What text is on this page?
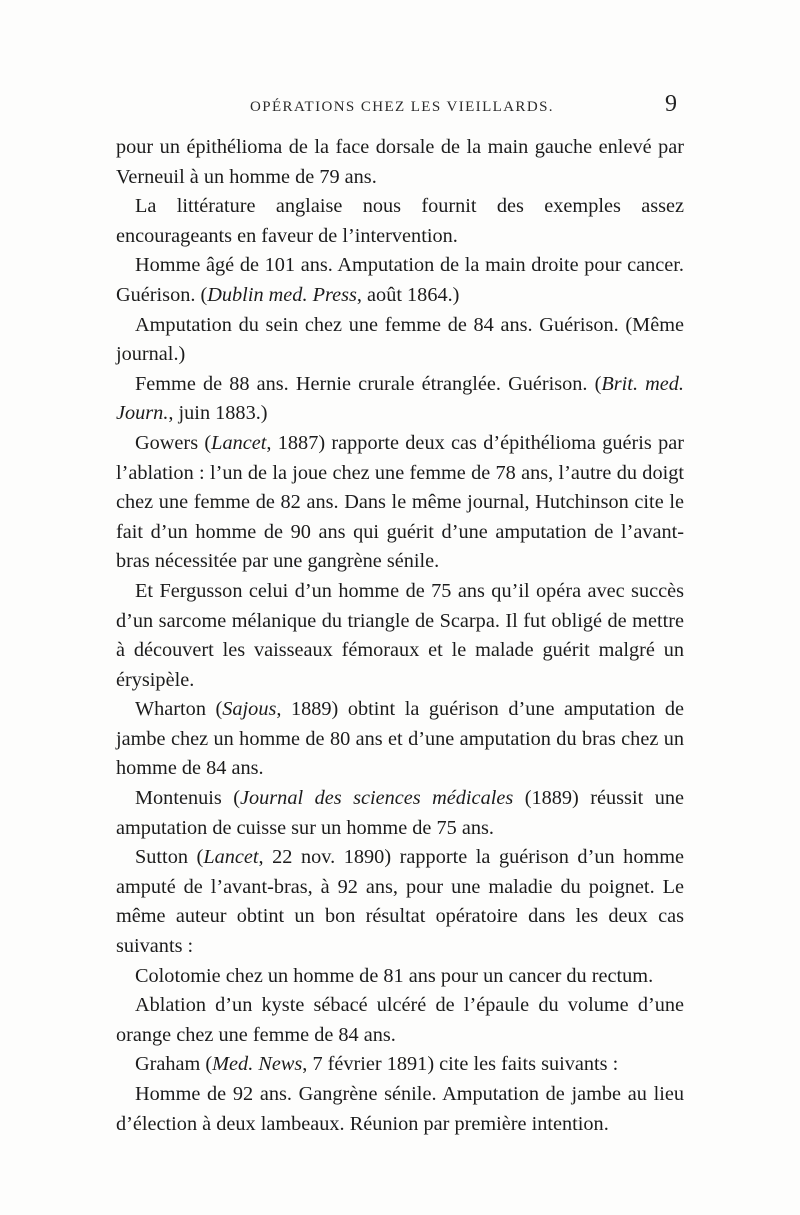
OPÉRATIONS CHEZ LES VIEILLARDS.	9

pour un épithélioma de la face dorsale de la main gauche enlevé par Verneuil à un homme de 79 ans.

La littérature anglaise nous fournit des exemples assez encourageants en faveur de l’intervention.

Homme âgé de 101 ans. Amputation de la main droite pour cancer. Guérison. (Dublin med. Press, août 1864.)

Amputation du sein chez une femme de 84 ans. Guérison. (Même journal.)

Femme de 88 ans. Hernie crurale étranglée. Guérison. (Brit. med. Journ., juin 1883.)

Gowers (Lancet, 1887) rapporte deux cas d’épithélioma guéris par l’ablation : l’un de la joue chez une femme de 78 ans, l’autre du doigt chez une femme de 82 ans. Dans le même journal, Hutchinson cite le fait d’un homme de 90 ans qui guérit d’une amputation de l’avant-bras nécessitée par une gangrène sénile.

Et Fergusson celui d’un homme de 75 ans qu’il opéra avec succès d’un sarcome mélanique du triangle de Scarpa. Il fut obligé de mettre à découvert les vaisseaux fémoraux et le malade guérit malgré un érysipèle.

Wharton (Sajous, 1889) obtint la guérison d’une amputation de jambe chez un homme de 80 ans et d’une amputation du bras chez un homme de 84 ans.

Montenuis (Journal des sciences médicales (1889) réussit une amputation de cuisse sur un homme de 75 ans.

Sutton (Lancet, 22 nov. 1890) rapporte la guérison d’un homme amputé de l’avant-bras, à 92 ans, pour une maladie du poignet. Le même auteur obtint un bon résultat opératoire dans les deux cas suivants :

Colotomie chez un homme de 81 ans pour un cancer du rectum.

Ablation d’un kyste sébacé ulcéré de l’épaule du volume d’une orange chez une femme de 84 ans.

Graham (Med. News, 7 février 1891) cite les faits suivants :

Homme de 92 ans. Gangrène sénile. Amputation de jambe au lieu d’élection à deux lambeaux. Réunion par première intention.
